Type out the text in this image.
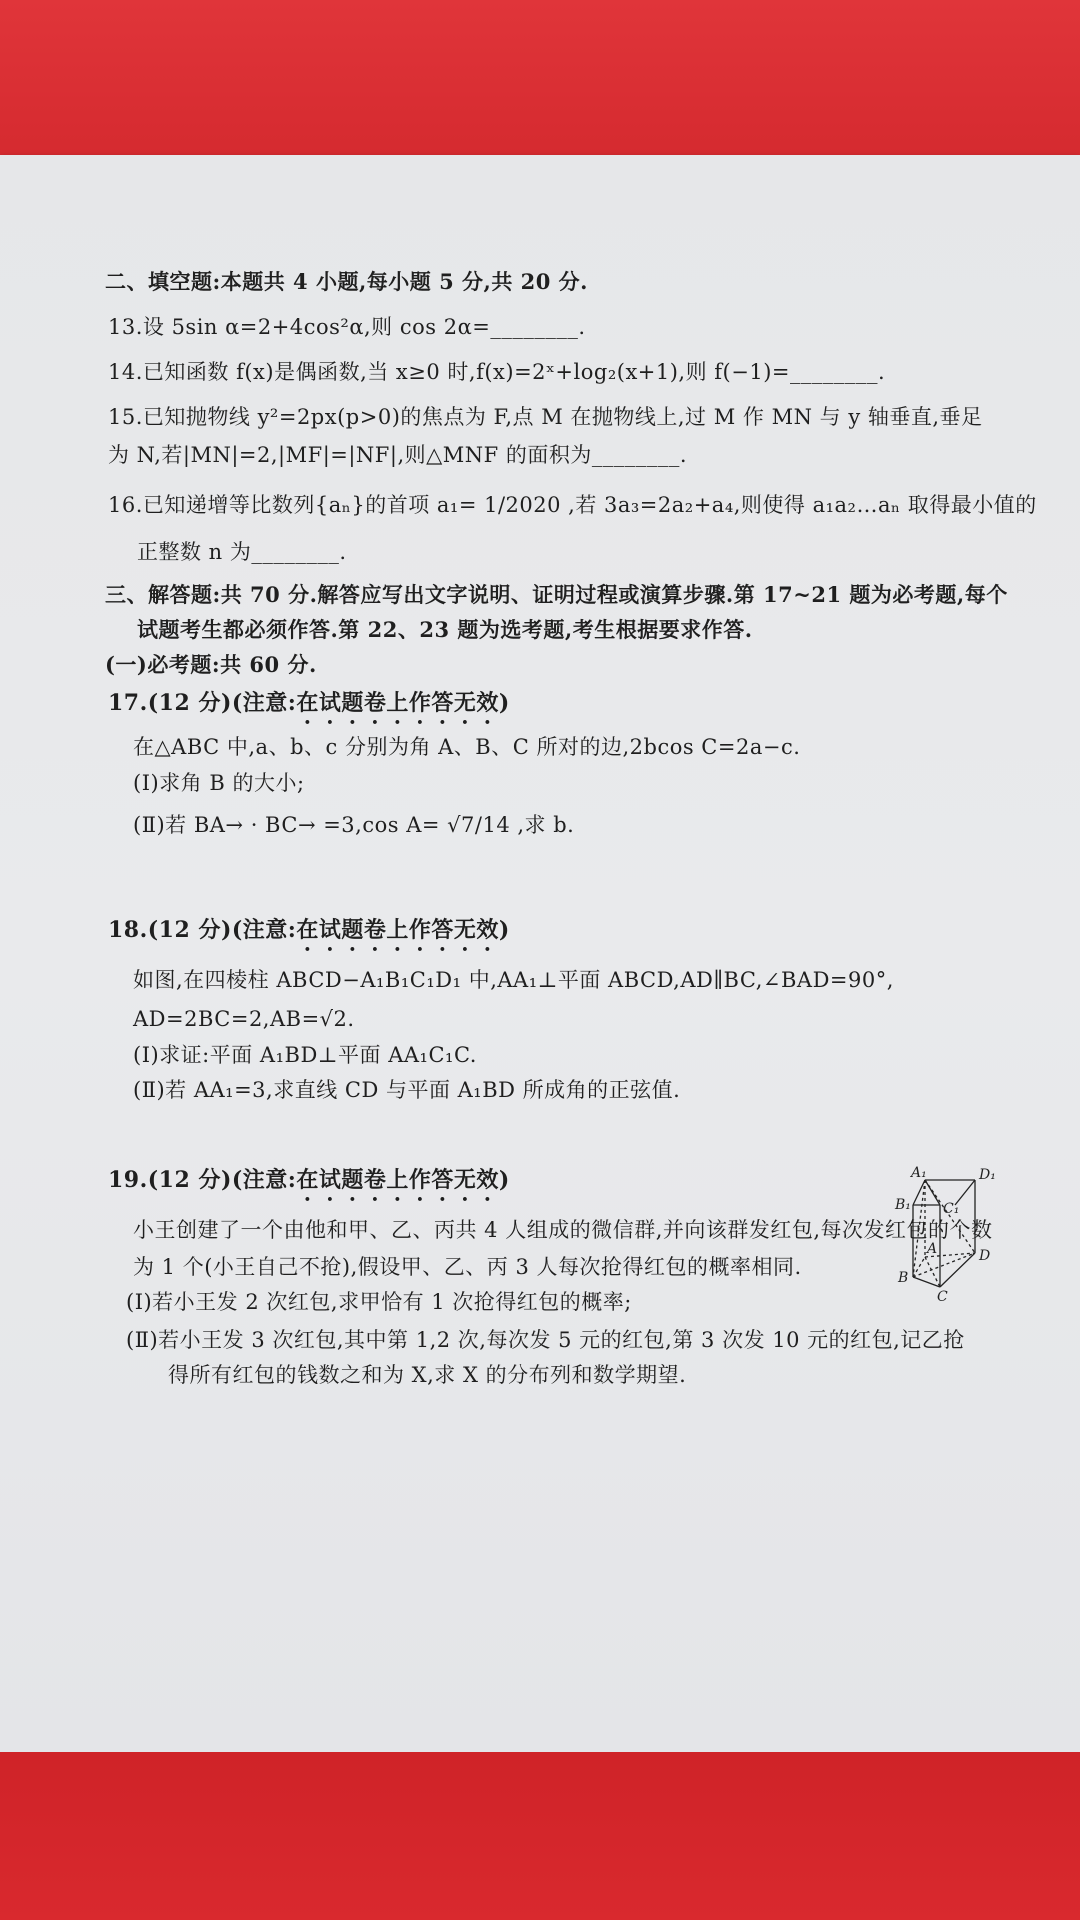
二、填空题:本题共 4 小题,每小题 5 分,共 20 分.
13.设 5sin α=2+4cos²α,则 cos 2α=________.
14.已知函数 f(x)是偶函数,当 x≥0 时,f(x)=2ˣ+log₂(x+1),则 f(−1)=________.
15.已知抛物线 y²=2px(p>0)的焦点为 F,点 M 在抛物线上,过 M 作 MN 与 y 轴垂直,垂足
为 N,若|MN|=2,|MF|=|NF|,则△MNF 的面积为________.
16.已知递增等比数列{aₙ}的首项 a₁= 1/2020 ,若 3a₃=2a₂+a₄,则使得 a₁a₂…aₙ 取得最小值的
正整数 n 为________.
三、解答题:共 70 分.解答应写出文字说明、证明过程或演算步骤.第 17~21 题为必考题,每个
试题考生都必须作答.第 22、23 题为选考题,考生根据要求作答.
(一)必考题:共 60 分.
17.(12 分)(注意:在试题卷上作答无效)
在△ABC 中,a、b、c 分别为角 A、B、C 所对的边,2bcos C=2a−c.
(Ⅰ)求角 B 的大小;
(Ⅱ)若 BA→ · BC→ =3,cos A= √7/14 ,求 b.
18.(12 分)(注意:在试题卷上作答无效)
如图,在四棱柱 ABCD−A₁B₁C₁D₁ 中,AA₁⊥平面 ABCD,AD∥BC,∠BAD=90°,
AD=2BC=2,AB=√2.
(Ⅰ)求证:平面 A₁BD⊥平面 AA₁C₁C.
(Ⅱ)若 AA₁=3,求直线 CD 与平面 A₁BD 所成角的正弦值.
A₁	D₁
B₁ C₁
A
B
C
D
19.(12 分)(注意:在试题卷上作答无效)
小王创建了一个由他和甲、乙、丙共 4 人组成的微信群,并向该群发红包,每次发红包的个数
为 1 个(小王自己不抢),假设甲、乙、丙 3 人每次抢得红包的概率相同.
(Ⅰ)若小王发 2 次红包,求甲恰有 1 次抢得红包的概率;
(Ⅱ)若小王发 3 次红包,其中第 1,2 次,每次发 5 元的红包,第 3 次发 10 元的红包,记乙抢
得所有红包的钱数之和为 X,求 X 的分布列和数学期望.
